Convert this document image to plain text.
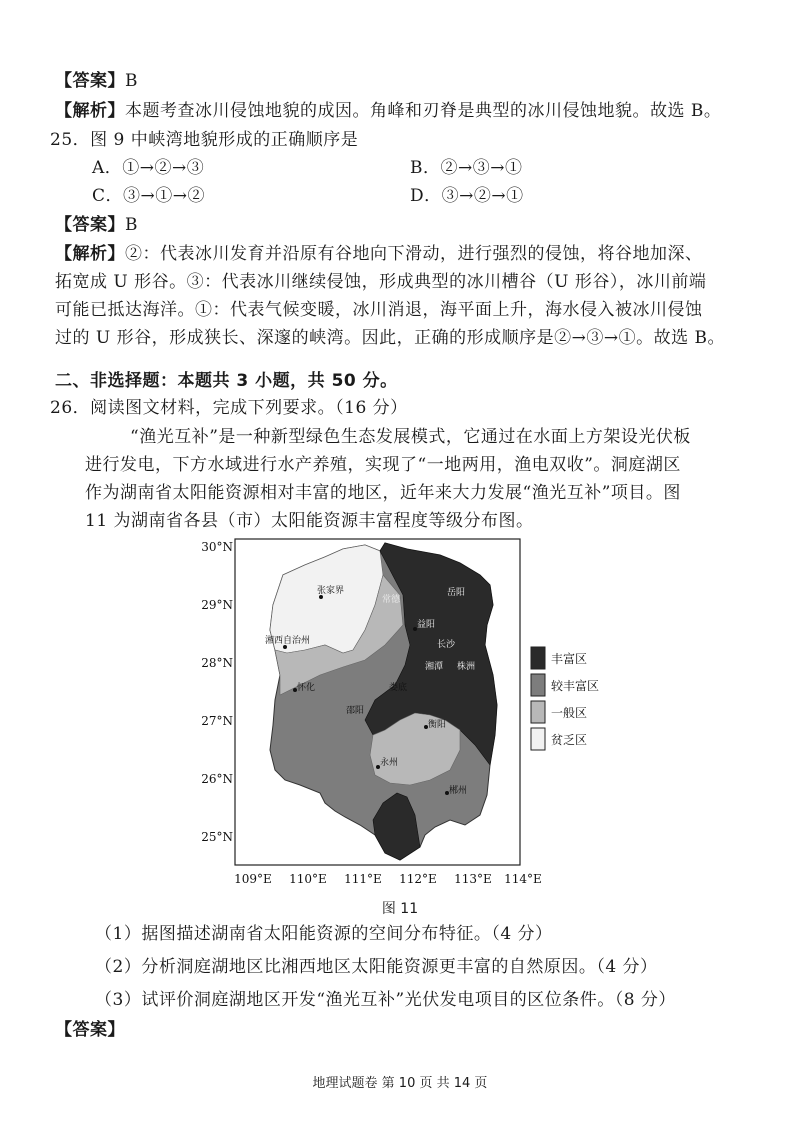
【答案】B
【解析】本题考查冰川侵蚀地貌的成因。角峰和刃脊是典型的冰川侵蚀地貌。故选 B。
25．图 9 中峡湾地貌形成的正确顺序是
A．①→②→③	B．②→③→①
C．③→①→②	D．③→②→①
【答案】B
【解析】②：代表冰川发育并沿原有谷地向下滑动，进行强烈的侵蚀，将谷地加深、
拓宽成 U 形谷。③：代表冰川继续侵蚀，形成典型的冰川槽谷（U 形谷），冰川前端
可能已抵达海洋。①：代表气候变暖，冰川消退，海平面上升，海水侵入被冰川侵蚀
过的 U 形谷，形成狭长、深邃的峡湾。因此，正确的形成顺序是②→③→①。故选 B。
二、非选择题：本题共 3 小题，共 50 分。
26．阅读图文材料，完成下列要求。（16 分）
“渔光互补”是一种新型绿色生态发展模式，它通过在水面上方架设光伏板
进行发电，下方水域进行水产养殖，实现了“一地两用，渔电双收”。洞庭湖区
作为湖南省太阳能资源相对丰富的地区，近年来大力发展“渔光互补”项目。图
11 为湖南省各县（市）太阳能资源丰富程度等级分布图。
张家界
常德
岳阳
益阳
湘西自治州	长沙
湘潭 株洲
怀化	娄底
邵阳
衡阳
永州
郴州
30°N
29°N
28°N
27°N
26°N
25°N
109°E 110°E 111°E 112°E 113°E 114°E
丰富区
较丰富区
一般区
贫乏区
图 11
（1）据图描述湖南省太阳能资源的空间分布特征。（4 分）
（2）分析洞庭湖地区比湘西地区太阳能资源更丰富的自然原因。（4 分）
（3）试评价洞庭湖地区开发“渔光互补”光伏发电项目的区位条件。（8 分）
【答案】
地理试题卷 第 10 页 共 14 页
